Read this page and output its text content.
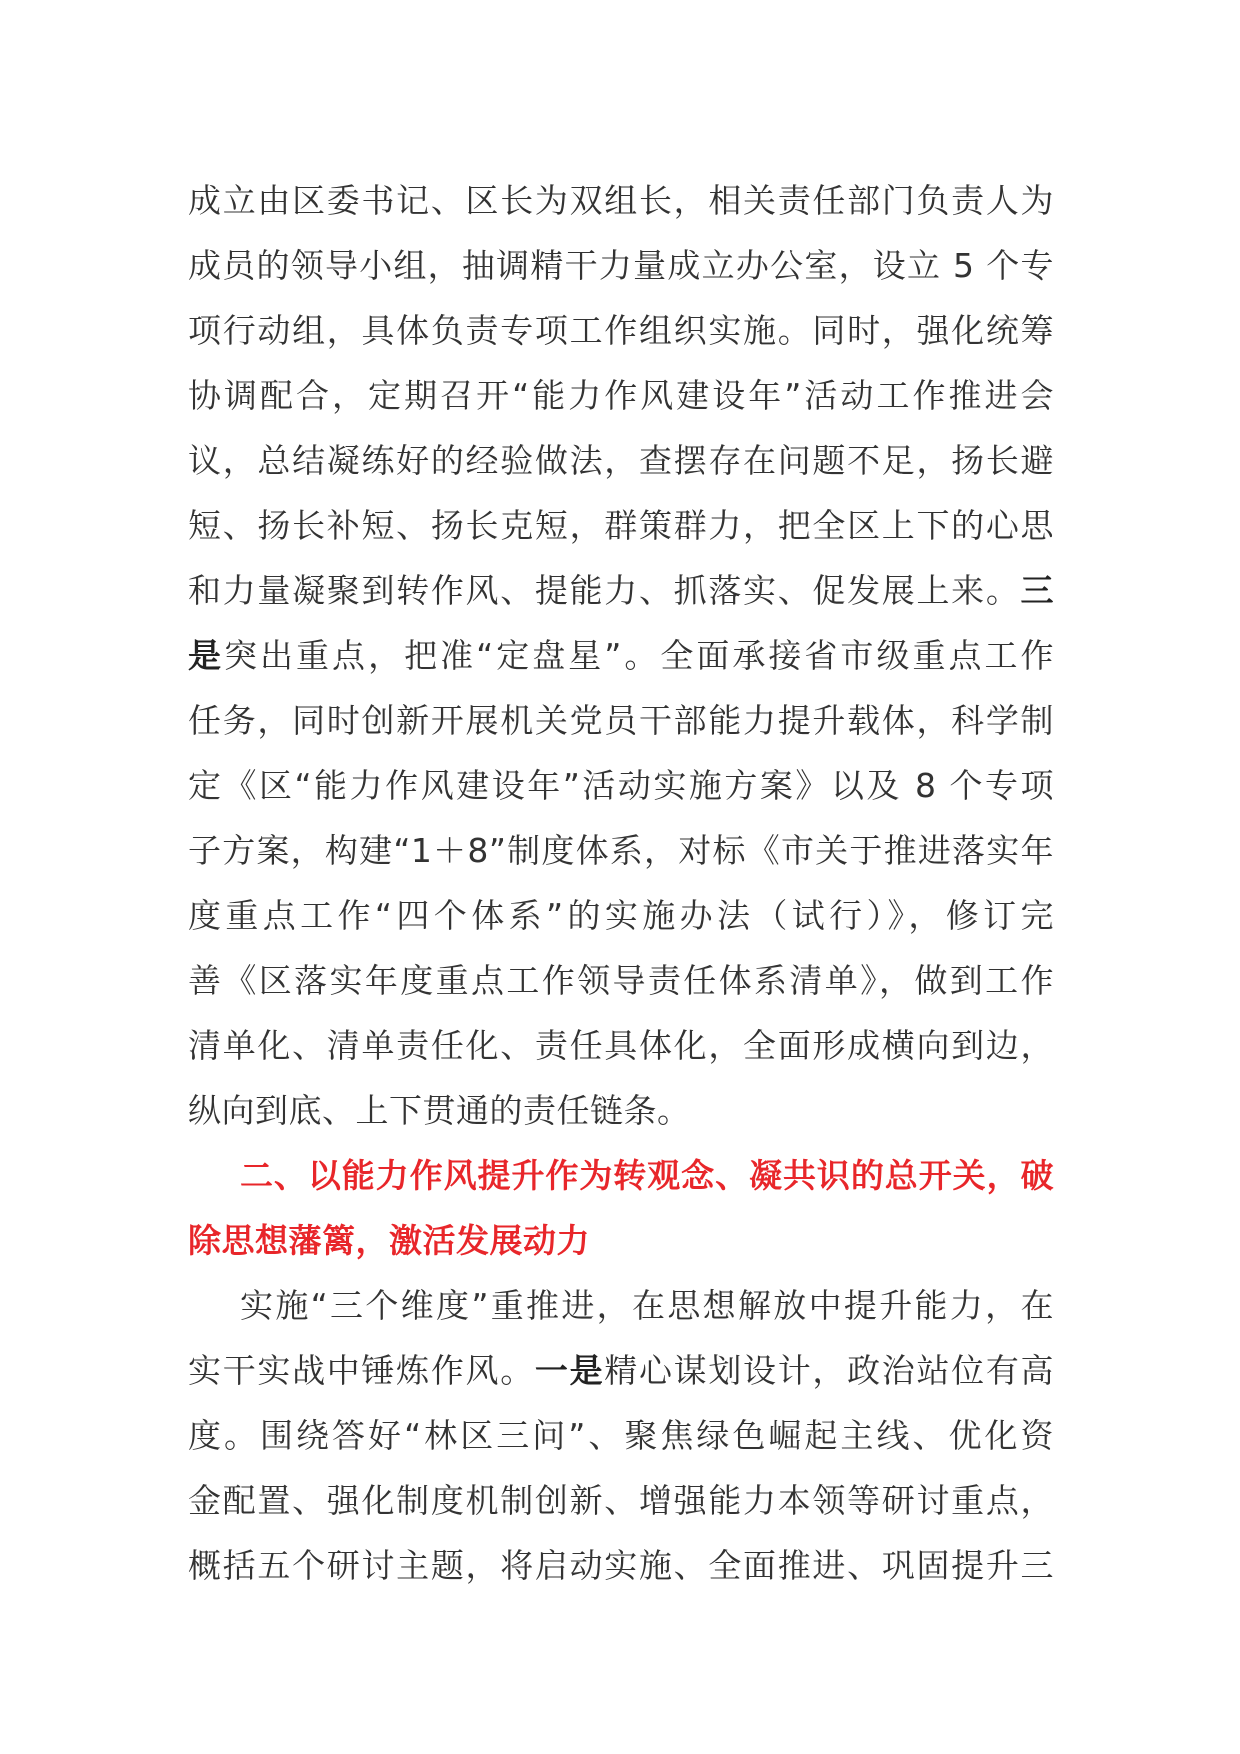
成立由区委书记、区长为双组长，相关责任部门负责人为
成员的领导小组，抽调精干力量成立办公室，设立 5 个专
项行动组，具体负责专项工作组织实施。同时，强化统筹
协调配合，定期召开“能力作风建设年”活动工作推进会
议，总结凝练好的经验做法，查摆存在问题不足，扬长避
短、扬长补短、扬长克短，群策群力，把全区上下的心思
和力量凝聚到转作风、提能力、抓落实、促发展上来。三
是突出重点，把准“定盘星”。全面承接省市级重点工作
任务，同时创新开展机关党员干部能力提升载体，科学制
定《区“能力作风建设年”活动实施方案》以及 8 个专项
子方案，构建“1＋8”制度体系，对标《市关于推进落实年
度重点工作“四个体系”的实施办法（试行）》，修订完
善《区落实年度重点工作领导责任体系清单》，做到工作
清单化、清单责任化、责任具体化，全面形成横向到边，
纵向到底、上下贯通的责任链条。
二、以能力作风提升作为转观念、凝共识的总开关，破
除思想藩篱，激活发展动力
实施“三个维度”重推进，在思想解放中提升能力，在
实干实战中锤炼作风。一是精心谋划设计，政治站位有高
度。围绕答好“林区三问”、聚焦绿色崛起主线、优化资
金配置、强化制度机制创新、增强能力本领等研讨重点，
概括五个研讨主题，将启动实施、全面推进、巩固提升三
